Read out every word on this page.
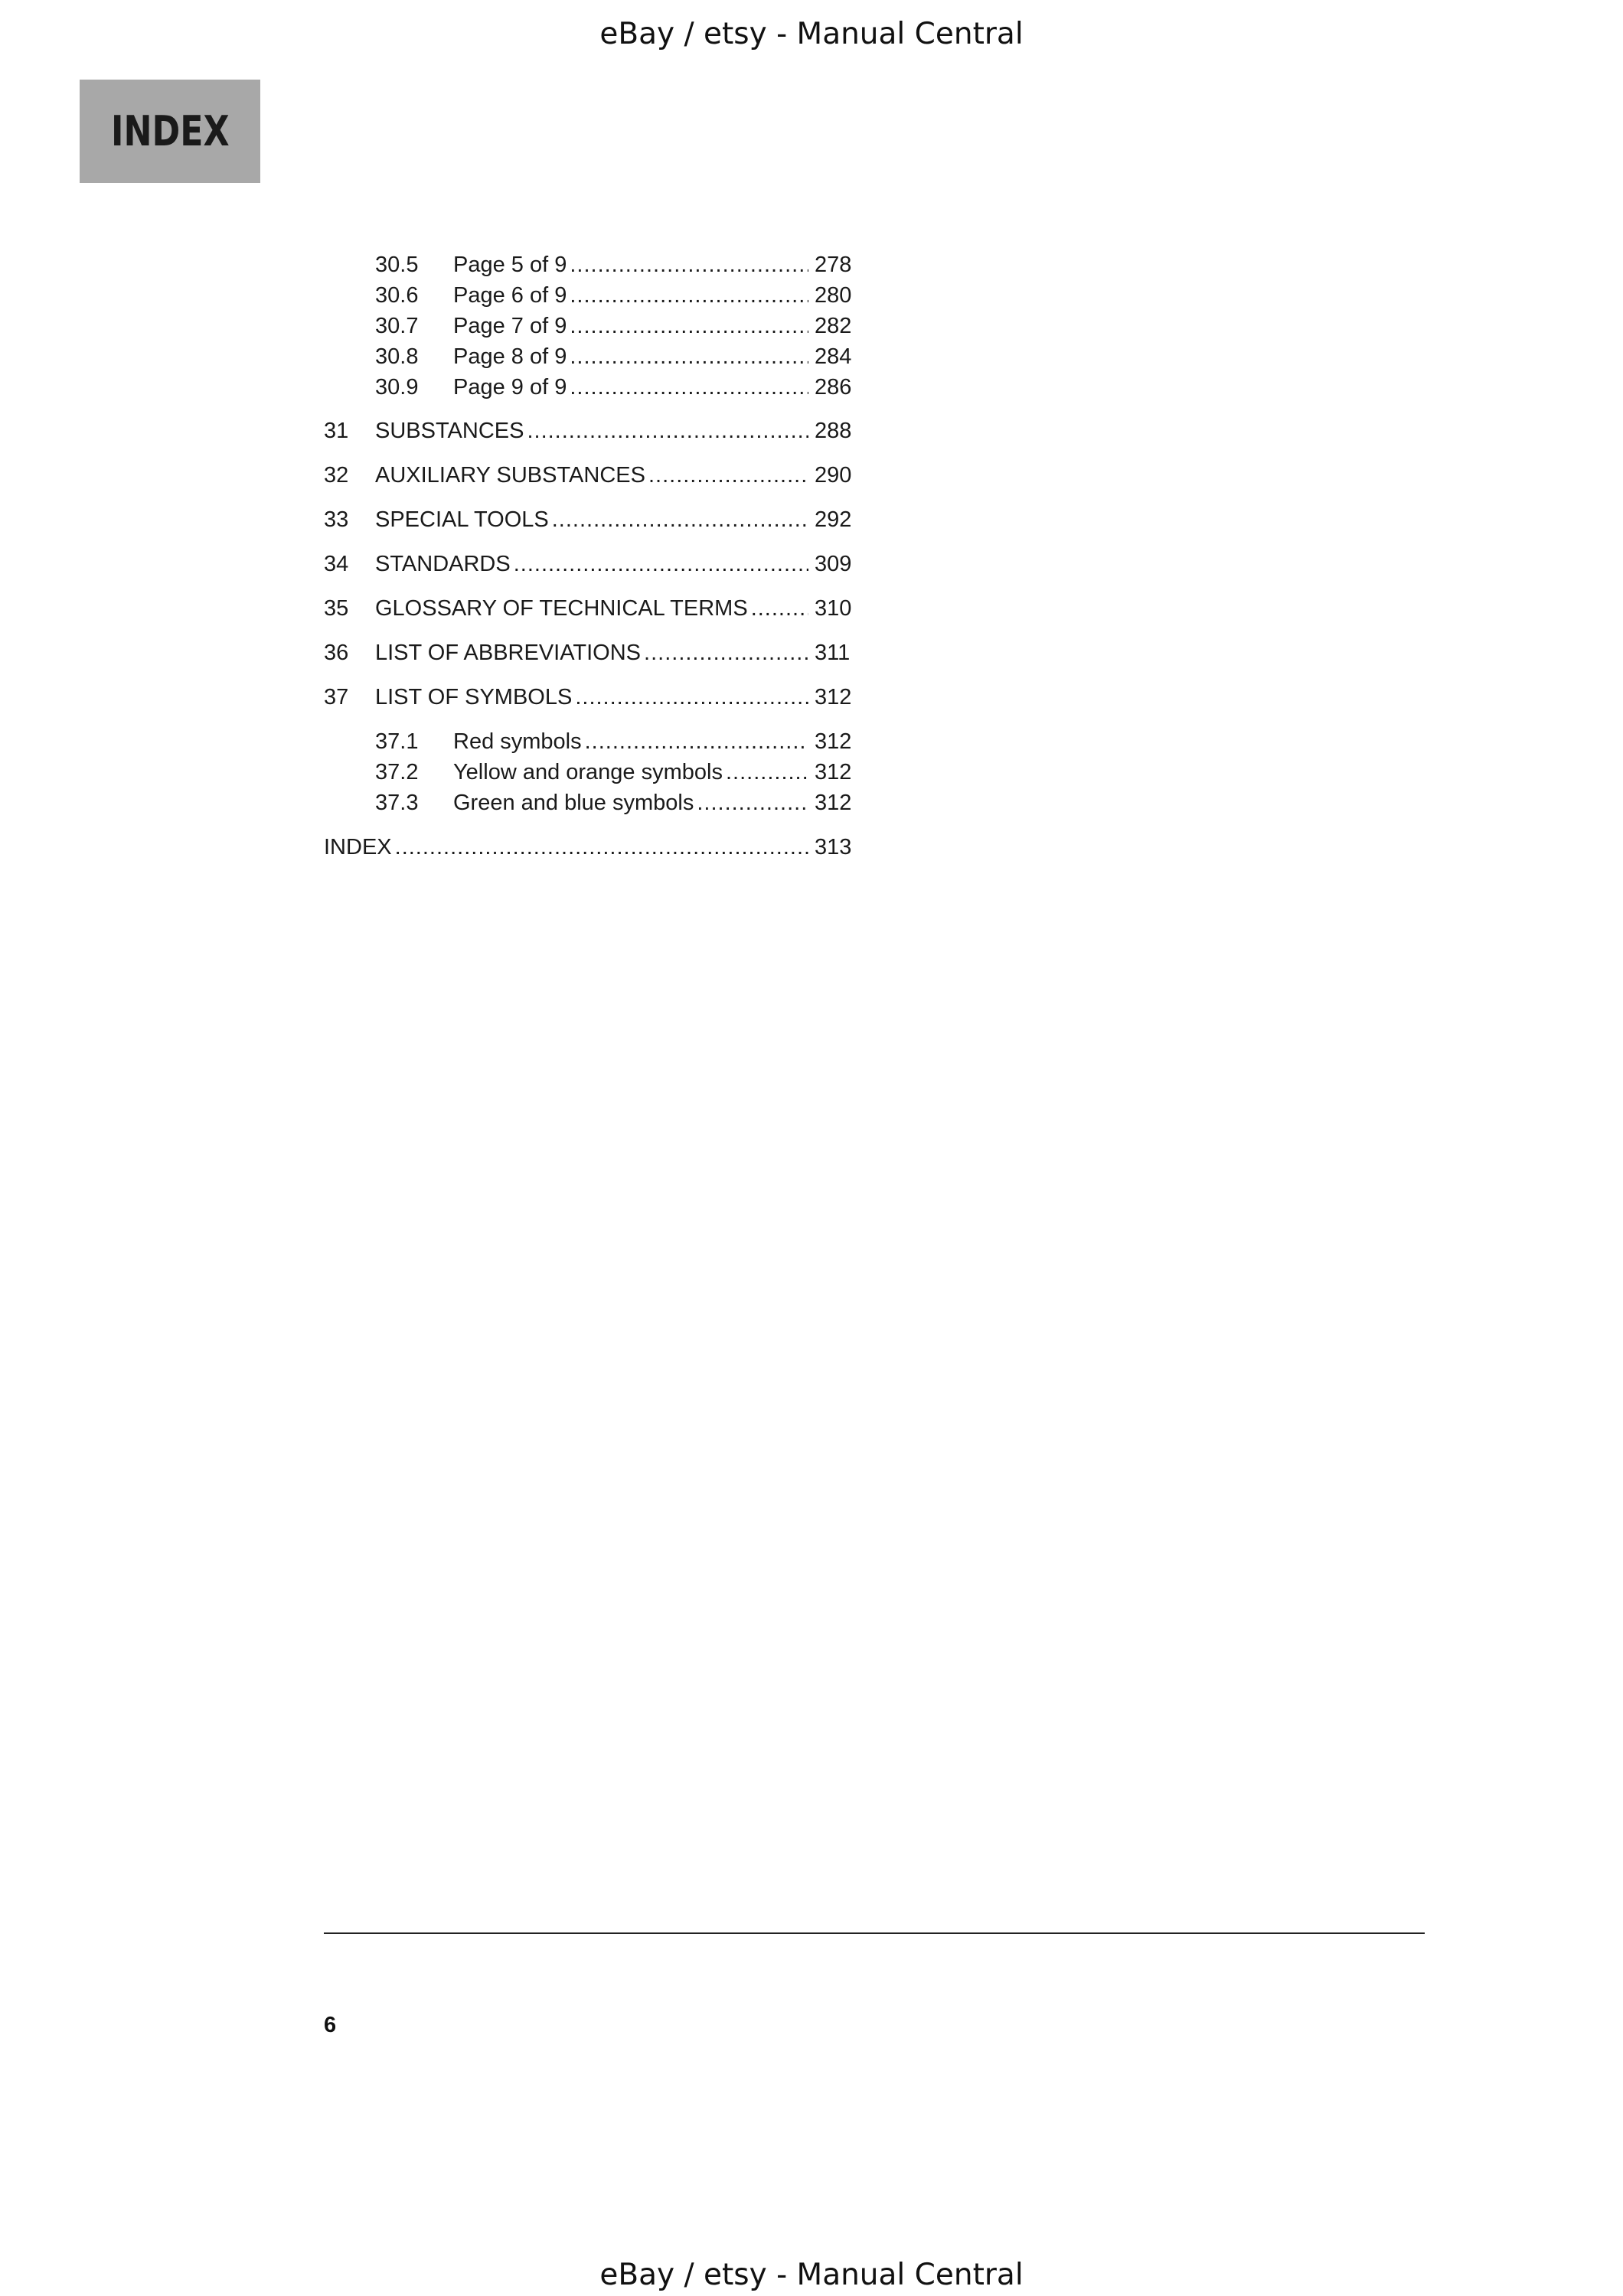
eBay / etsy - Manual Central
INDEX
30.5 Page 5 of 9 .....	278
30.6 Page 6 of 9 .....	280
30.7 Page 7 of 9 .....	282
30.8 Page 8 of 9 .....	284
30.9 Page 9 of 9 .....	286
31 SUBSTANCES .....	288
32 AUXILIARY SUBSTANCES .....	290
33 SPECIAL TOOLS .....	292
34 STANDARDS .....	309
35 GLOSSARY OF TECHNICAL TERMS .....	310
36 LIST OF ABBREVIATIONS .....	311
37 LIST OF SYMBOLS .....	312
37.1 Red symbols .....	312
37.2 Yellow and orange symbols .....	312
37.3 Green and blue symbols .....	312
INDEX .....	313
6
eBay / etsy - Manual Central
